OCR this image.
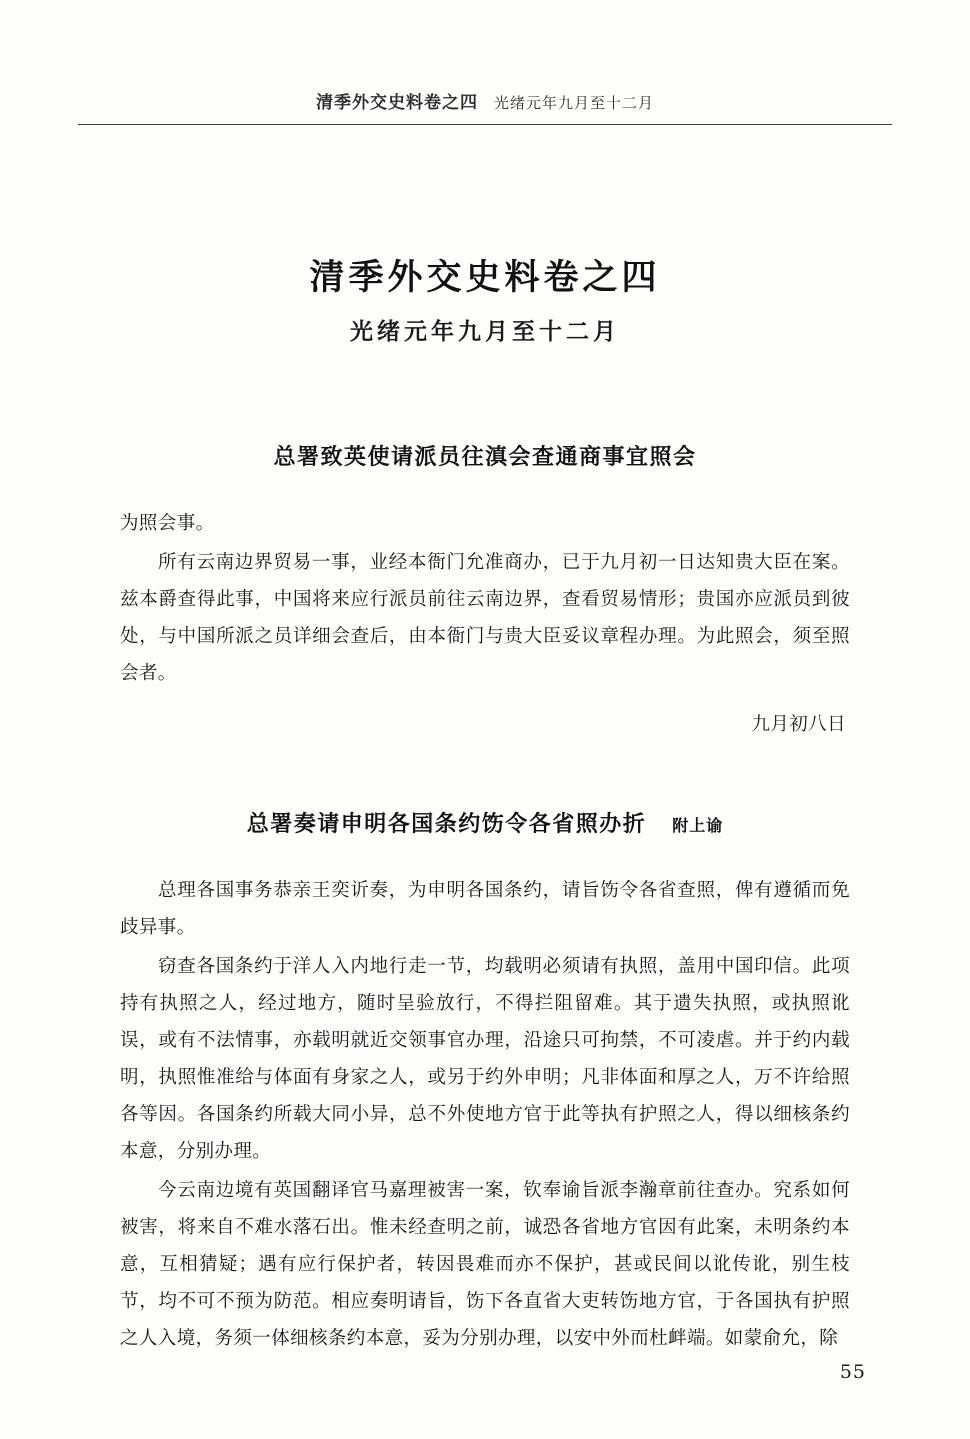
清季外交史料卷之四 光绪元年九月至十二月
清季外交史料卷之四
光绪元年九月至十二月
总署致英使请派员往滇会查通商事宜照会

为照会事。

所有云南边界贸易一事，业经本衙门允准商办，已于九月初一日达知贵大臣在案。兹本爵查得此事，中国将来应行派员前往云南边界，查看贸易情形；贵国亦应派员到彼处，与中国所派之员详细会查后，由本衙门与贵大臣妥议章程办理。为此照会，须至照会者。

九月初八日

总署奏请申明各国条约饬令各省照办折 附上谕

总理各国事务恭亲王奕䜣奏，为申明各国条约，请旨饬令各省查照，俾有遵循而免歧异事。

窃查各国条约于洋人入内地行走一节，均载明必须请有执照，盖用中国印信。此项持有执照之人，经过地方，随时呈验放行，不得拦阻留难。其于遗失执照，或执照讹误，或有不法情事，亦载明就近交领事官办理，沿途只可拘禁，不可凌虐。并于约内载明，执照惟准给与体面有身家之人，或另于约外申明；凡非体面和厚之人，万不许给照各等因。各国条约所载大同小异，总不外使地方官于此等执有护照之人，得以细核条约本意，分别办理。

今云南边境有英国翻译官马嘉理被害一案，钦奉谕旨派李瀚章前往查办。究系如何被害，将来自不难水落石出。惟未经查明之前，诚恐各省地方官因有此案，未明条约本意，互相猜疑；遇有应行保护者，转因畏难而亦不保护，甚或民间以讹传讹，别生枝节，均不可不预为防范。相应奏明请旨，饬下各直省大吏转饬地方官，于各国执有护照之人入境，务须一体细核条约本意，妥为分别办理，以安中外而杜衅端。如蒙俞允，除

55
